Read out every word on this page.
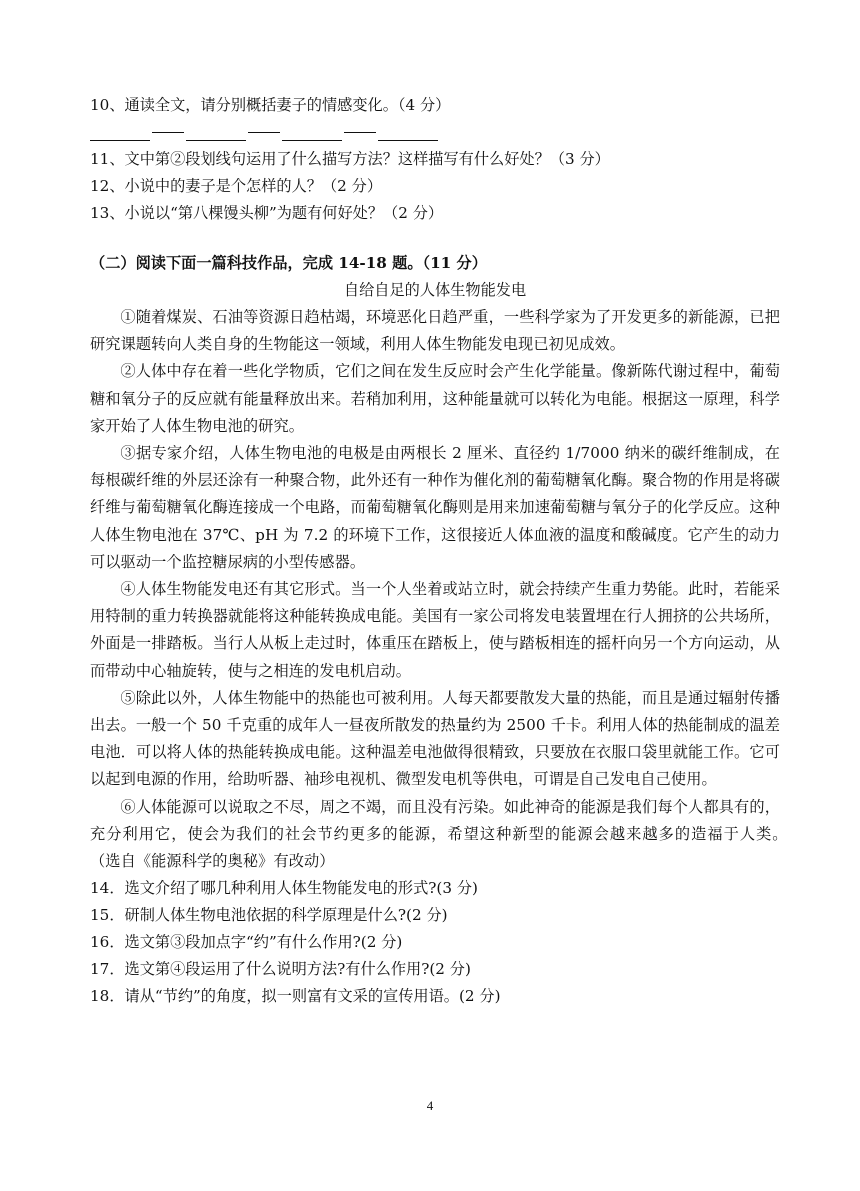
10、通读全文，请分别概括妻子的情感变化。（4 分）
11、文中第②段划线句运用了什么描写方法？这样描写有什么好处？（3 分）
12、小说中的妻子是个怎样的人？（2 分）
13、小说以“第八棵馒头柳”为题有何好处？（2 分）
（二）阅读下面一篇科技作品，完成 14-18 题。（11 分）
自给自足的人体生物能发电

①随着煤炭、石油等资源日趋枯竭，环境恶化日趋严重，一些科学家为了开发更多的新能源，已把研究课题转向人类自身的生物能这一领域，利用人体生物能发电现已初见成效。

②人体中存在着一些化学物质，它们之间在发生反应时会产生化学能量。像新陈代谢过程中，葡萄糖和氧分子的反应就有能量释放出来。若稍加利用，这种能量就可以转化为电能。根据这一原理，科学家开始了人体生物电池的研究。

③据专家介绍，人体生物电池的电极是由两根长 2 厘米、直径约 1/7000 纳米的碳纤维制成，在每根碳纤维的外层还涂有一种聚合物，此外还有一种作为催化剂的葡萄糖氧化酶。聚合物的作用是将碳纤维与葡萄糖氧化酶连接成一个电路，而葡萄糖氧化酶则是用来加速葡萄糖与氧分子的化学反应。这种人体生物电池在 37℃、pH 为 7.2 的环境下工作，这很接近人体血液的温度和酸碱度。它产生的动力可以驱动一个监控糖尿病的小型传感器。

④人体生物能发电还有其它形式。当一个人坐着或站立时，就会持续产生重力势能。此时，若能采用特制的重力转换器就能将这种能转换成电能。美国有一家公司将发电装置埋在行人拥挤的公共场所，外面是一排踏板。当行人从板上走过时，体重压在踏板上，使与踏板相连的摇杆向另一个方向运动，从而带动中心轴旋转，使与之相连的发电机启动。

⑤除此以外，人体生物能中的热能也可被利用。人每天都要散发大量的热能，而且是通过辐射传播出去。一般一个 50 千克重的成年人一昼夜所散发的热量约为 2500 千卡。利用人体的热能制成的温差电池．可以将人体的热能转换成电能。这种温差电池做得很精致，只要放在衣服口袋里就能工作。它可以起到电源的作用，给助听器、袖珍电视机、微型发电机等供电，可谓是自己发电自己使用。

⑥人体能源可以说取之不尽，周之不竭，而且没有污染。如此神奇的能源是我们每个人都具有的，充分利用它，使会为我们的社会节约更多的能源，希望这种新型的能源会越来越多的造福于人类。　　（选自《能源科学的奥秘》有改动）

14．选文介绍了哪几种利用人体生物能发电的形式?(3 分)
15．研制人体生物电池依据的科学原理是什么?(2 分)
16．选文第③段加点字“约”有什么作用?(2 分)
17．选文第④段运用了什么说明方法?有什么作用?(2 分)
18．请从“节约”的角度，拟一则富有文采的宣传用语。(2 分)
4
